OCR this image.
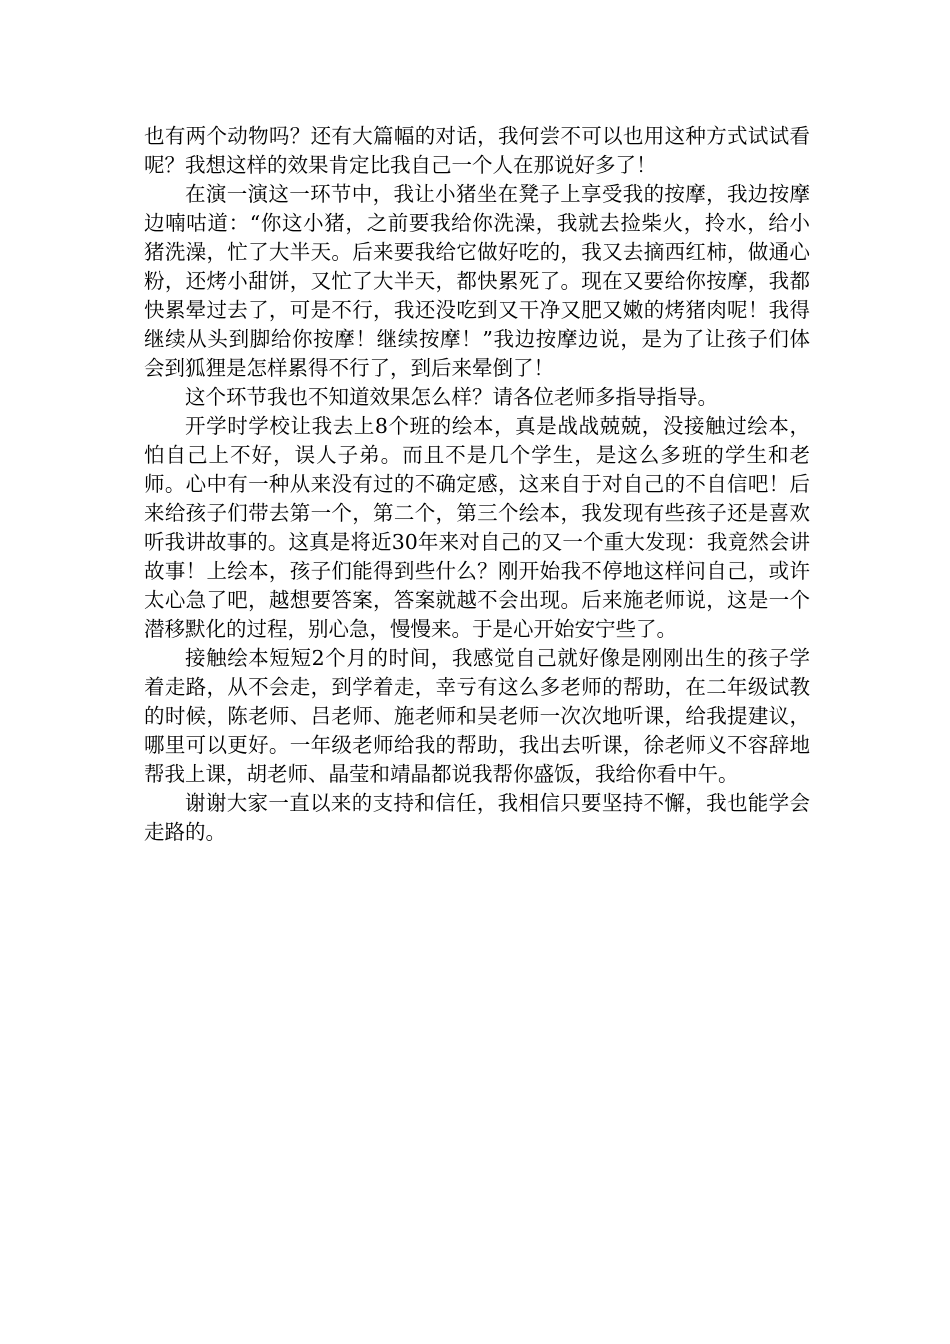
也有两个动物吗？还有大篇幅的对话，我何尝不可以也用这种方式试试看呢？我想这样的效果肯定比我自己一个人在那说好多了！

在演一演这一环节中，我让小猪坐在凳子上享受我的按摩，我边按摩边喃咕道：“你这小猪，之前要我给你洗澡，我就去捡柴火，拎水，给小猪洗澡，忙了大半天。后来要我给它做好吃的，我又去摘西红柿，做通心粉，还烤小甜饼，又忙了大半天，都快累死了。现在又要给你按摩，我都快累晕过去了，可是不行，我还没吃到又干净又肥又嫩的烤猪肉呢！我得继续从头到脚给你按摩！继续按摩！”我边按摩边说，是为了让孩子们体会到狐狸是怎样累得不行了，到后来晕倒了！

这个环节我也不知道效果怎么样？请各位老师多指导指导。

开学时学校让我去上8个班的绘本，真是战战兢兢，没接触过绘本，怕自己上不好，误人子弟。而且不是几个学生，是这么多班的学生和老师。心中有一种从来没有过的不确定感，这来自于对自己的不自信吧！后来给孩子们带去第一个，第二个，第三个绘本，我发现有些孩子还是喜欢听我讲故事的。这真是将近30年来对自己的又一个重大发现：我竟然会讲故事！上绘本，孩子们能得到些什么？刚开始我不停地这样问自己，或许太心急了吧，越想要答案，答案就越不会出现。后来施老师说，这是一个潜移默化的过程，别心急，慢慢来。于是心开始安宁些了。

接触绘本短短2个月的时间，我感觉自己就好像是刚刚出生的孩子学着走路，从不会走，到学着走，幸亏有这么多老师的帮助，在二年级试教的时候，陈老师、吕老师、施老师和吴老师一次次地听课，给我提建议，哪里可以更好。一年级老师给我的帮助，我出去听课，徐老师义不容辞地帮我上课，胡老师、晶莹和靖晶都说我帮你盛饭，我给你看中午。

谢谢大家一直以来的支持和信任，我相信只要坚持不懈，我也能学会走路的。
